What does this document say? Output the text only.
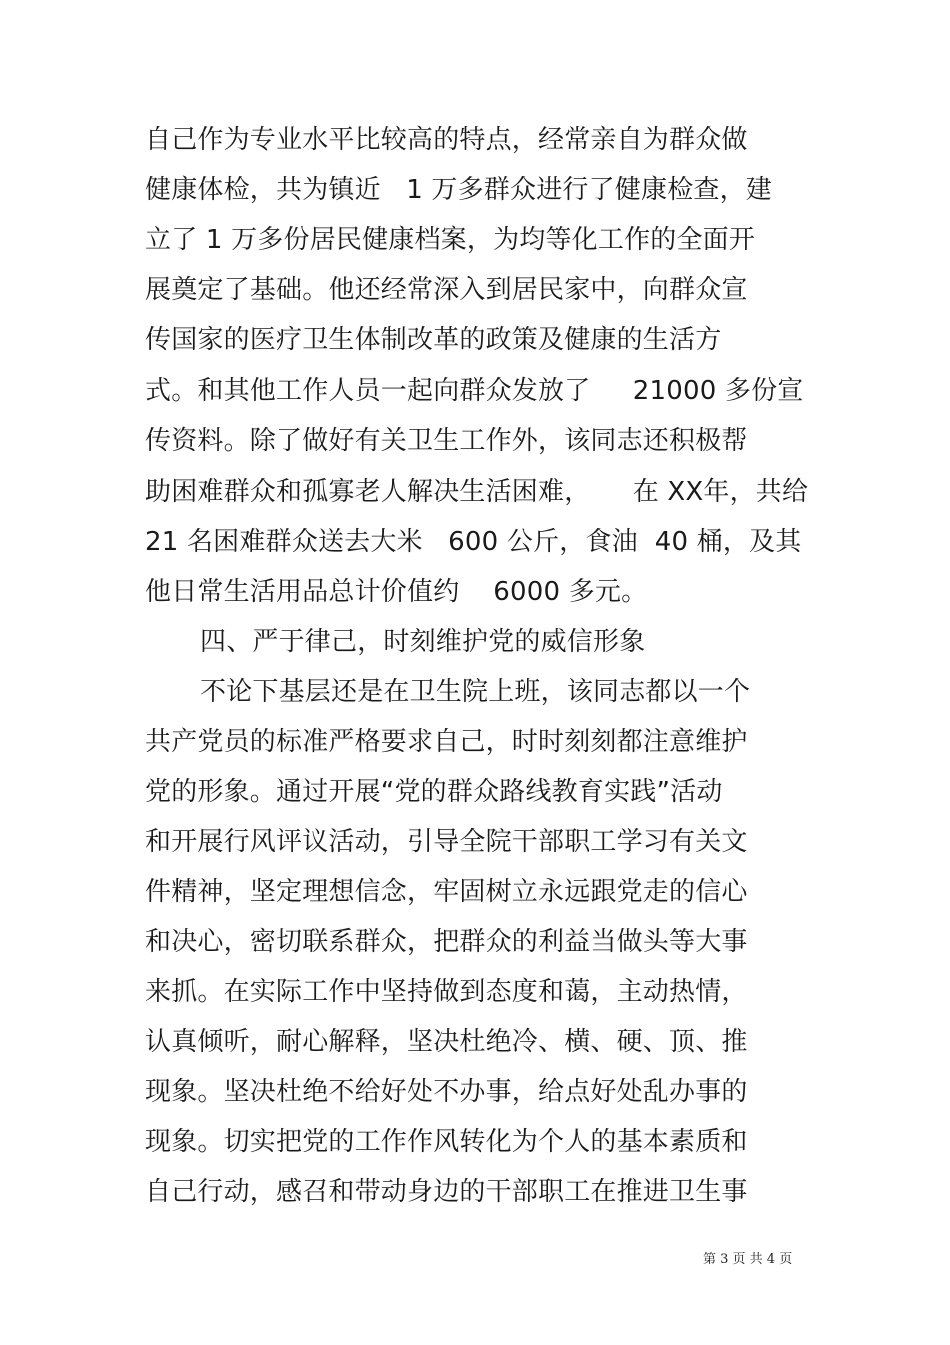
自己作为专业水平比较高的特点，经常亲自为群众做
健康体检，共为镇近   1 万多群众进行了健康检查，建
立了 1 万多份居民健康档案，为均等化工作的全面开
展奠定了基础。他还经常深入到居民家中，向群众宣
传国家的医疗卫生体制改革的政策及健康的生活方
式。和其他工作人员一起向群众发放了     21000 多份宣
传资料。除了做好有关卫生工作外，该同志还积极帮
助困难群众和孤寡老人解决生活困难，     在 XX年，共给
21 名困难群众送去大米   600 公斤，食油  40 桶，及其
他日常生活用品总计价值约    6000 多元。
四、严于律己，时刻维护党的威信形象
不论下基层还是在卫生院上班，该同志都以一个
共产党员的标准严格要求自己，时时刻刻都注意维护
党的形象。通过开展“党的群众路线教育实践”活动
和开展行风评议活动，引导全院干部职工学习有关文
件精神，坚定理想信念，牢固树立永远跟党走的信心
和决心，密切联系群众，把群众的利益当做头等大事
来抓。在实际工作中坚持做到态度和蔼，主动热情，
认真倾听，耐心解释，坚决杜绝冷、横、硬、顶、推
现象。坚决杜绝不给好处不办事，给点好处乱办事的
现象。切实把党的工作作风转化为个人的基本素质和
自己行动，感召和带动身边的干部职工在推进卫生事
第 3 页 共 4 页
